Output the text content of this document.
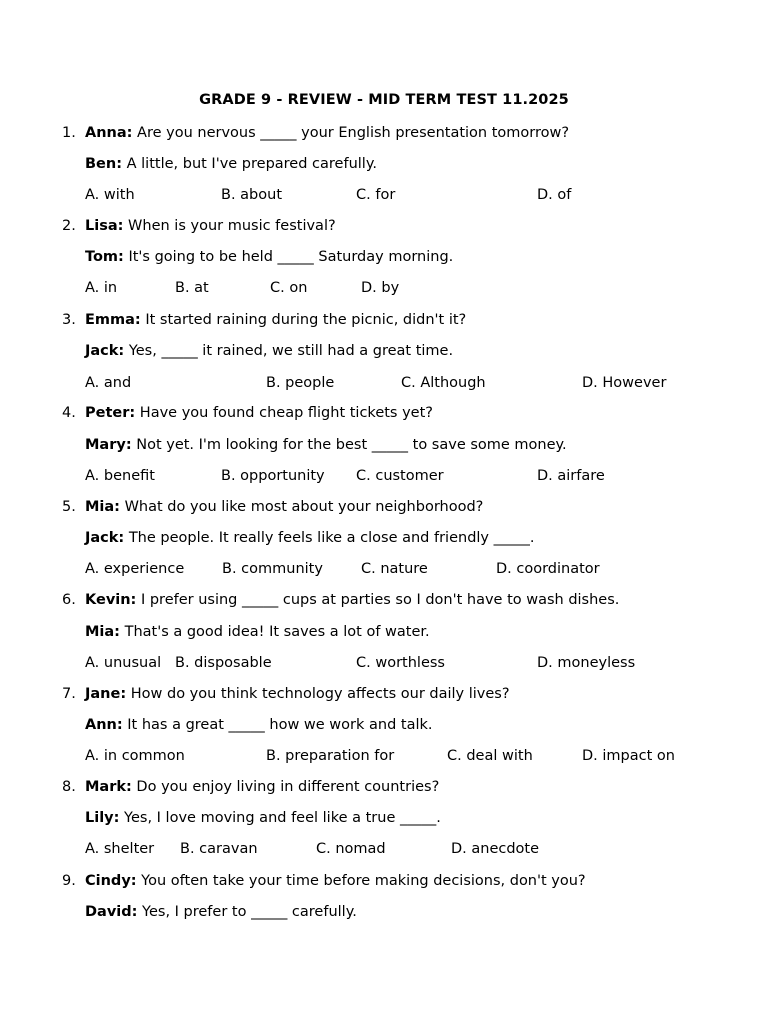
GRADE 9 - REVIEW - MID TERM TEST 11.2025
1. Anna: Are you nervous _____ your English presentation tomorrow?
Ben: A little, but I've prepared carefully.
A. with	B. about	C. for	D. of
2. Lisa: When is your music festival?
Tom: It's going to be held _____ Saturday morning.
A. in	B. at	C. on	D. by
3. Emma: It started raining during the picnic, didn't it?
Jack: Yes, _____ it rained, we still had a great time.
A. and	B. people	C. Although	D. However
4. Peter: Have you found cheap flight tickets yet?
Mary: Not yet. I'm looking for the best _____ to save some money.
A. benefit	B. opportunity C. customer	D. airfare
5. Mia: What do you like most about your neighborhood?
Jack: The people. It really feels like a close and friendly _____.
A. experience	B. community	C. nature	D. coordinator
6. Kevin: I prefer using _____ cups at parties so I don't have to wash dishes.
Mia: That's a good idea! It saves a lot of water.
A. unusual B. disposable	C. worthless	D. moneyless
7. Jane: How do you think technology affects our daily lives?
Ann: It has a great _____ how we work and talk.
A. in common	B. preparation for	C. deal with	D. impact on
8. Mark: Do you enjoy living in different countries?
Lily: Yes, I love moving and feel like a true _____.
A. shelter B. caravan	C. nomad	D. anecdote
9. Cindy: You often take your time before making decisions, don't you?
David: Yes, I prefer to _____ carefully.
